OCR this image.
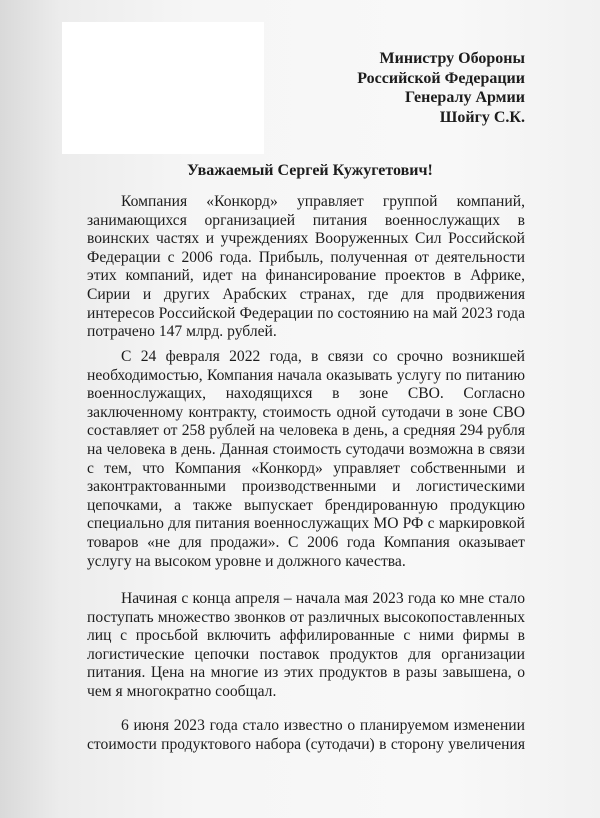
Министру Обороны
Российской Федерации
Генералу Армии
Шойгу С.К.
Уважаемый Сергей Кужугетович!
Компания «Конкорд» управляет группой компаний,
занимающихся организацией питания военнослужащих в
воинских частях и учреждениях Вооруженных Сил Российской
Федерации с 2006 года. Прибыль, полученная от деятельности
этих компаний, идет на финансирование проектов в Африке,
Сирии и других Арабских странах, где для продвижения
интересов Российской Федерации по состоянию на май 2023 года
потрачено 147 млрд. рублей.
С 24 февраля 2022 года, в связи со срочно возникшей
необходимостью, Компания начала оказывать услугу по питанию
военнослужащих, находящихся в зоне СВО. Согласно
заключенному контракту, стоимость одной сутодачи в зоне СВО
составляет от 258 рублей на человека в день, а средняя 294 рубля
на человека в день. Данная стоимость сутодачи возможна в связи
с тем, что Компания «Конкорд» управляет собственными и
законтрактованными производственными и логистическими
цепочками, а также выпускает брендированную продукцию
специально для питания военнослужащих МО РФ с маркировкой
товаров «не для продажи». С 2006 года Компания оказывает
услугу на высоком уровне и должного качества.
Начиная с конца апреля – начала мая 2023 года ко мне стало
поступать множество звонков от различных высокопоставленных
лиц с просьбой включить аффилированные с ними фирмы в
логистические цепочки поставок продуктов для организации
питания. Цена на многие из этих продуктов в разы завышена, о
чем я многократно сообщал.
6 июня 2023 года стало известно о планируемом изменении
стоимости продуктового набора (сутодачи) в сторону увеличения
